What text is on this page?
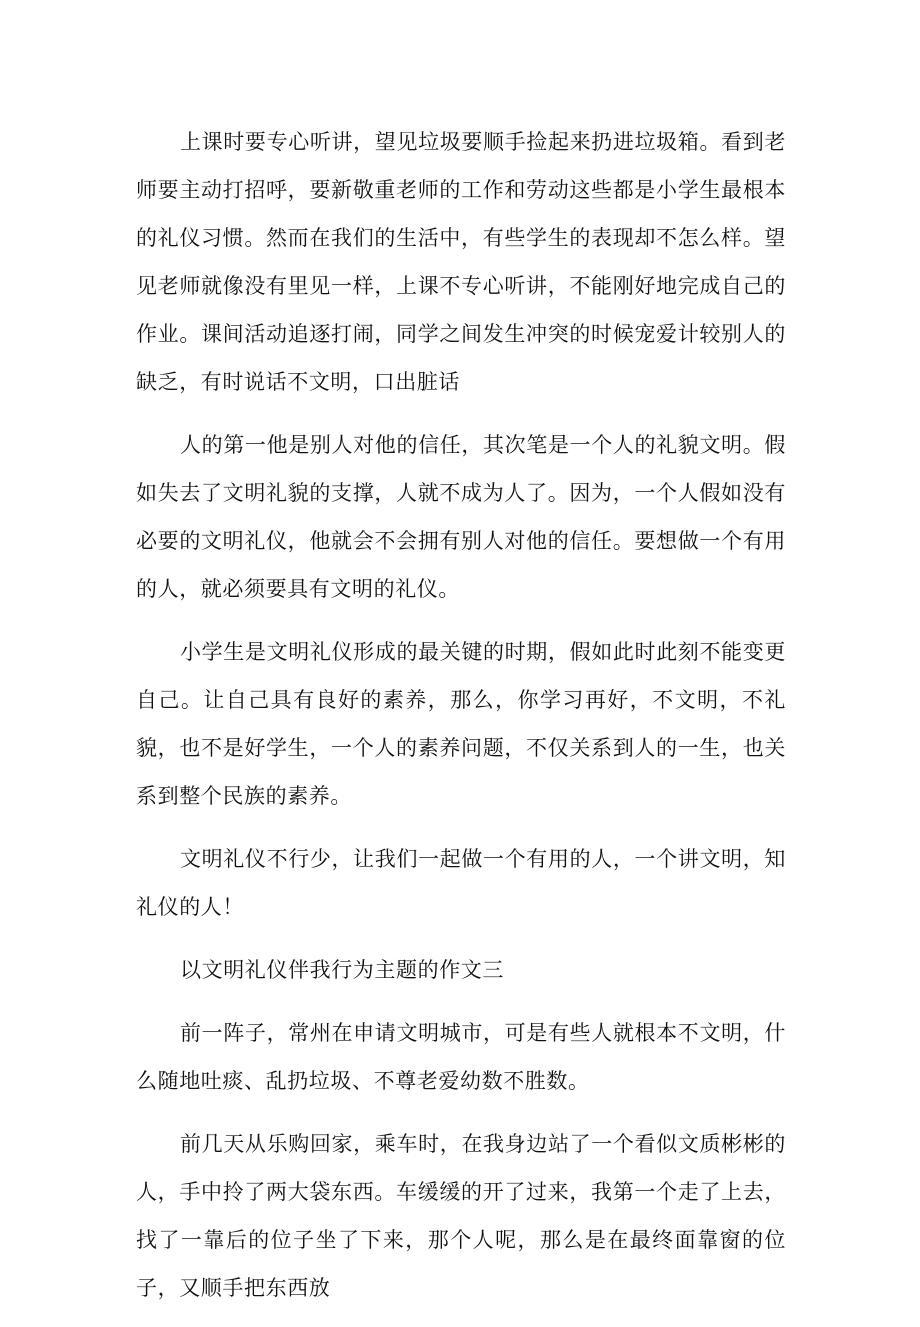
上课时要专心听讲，望见垃圾要顺手捡起来扔进垃圾箱。看到老师要主动打招呼，要新敬重老师的工作和劳动这些都是小学生最根本的礼仪习惯。然而在我们的生活中，有些学生的表现却不怎么样。望见老师就像没有里见一样，上课不专心听讲，不能刚好地完成自己的作业。课间活动追逐打闹，同学之间发生冲突的时候宠爱计较别人的缺乏，有时说话不文明，口出脏话

人的第一他是别人对他的信任，其次笔是一个人的礼貌文明。假如失去了文明礼貌的支撑，人就不成为人了。因为，一个人假如没有必要的文明礼仪，他就会不会拥有别人对他的信任。要想做一个有用的人，就必须要具有文明的礼仪。

小学生是文明礼仪形成的最关键的时期，假如此时此刻不能变更自己。让自己具有良好的素养，那么，你学习再好，不文明，不礼貌，也不是好学生，一个人的素养问题，不仅关系到人的一生，也关系到整个民族的素养。

文明礼仪不行少，让我们一起做一个有用的人，一个讲文明，知礼仪的人！

以文明礼仪伴我行为主题的作文三

前一阵子，常州在申请文明城市，可是有些人就根本不文明，什么随地吐痰、乱扔垃圾、不尊老爱幼数不胜数。

前几天从乐购回家，乘车时，在我身边站了一个看似文质彬彬的人，手中拎了两大袋东西。车缓缓的开了过来，我第一个走了上去，找了一靠后的位子坐了下来，那个人呢，那么是在最终面靠窗的位子，又顺手把东西放
